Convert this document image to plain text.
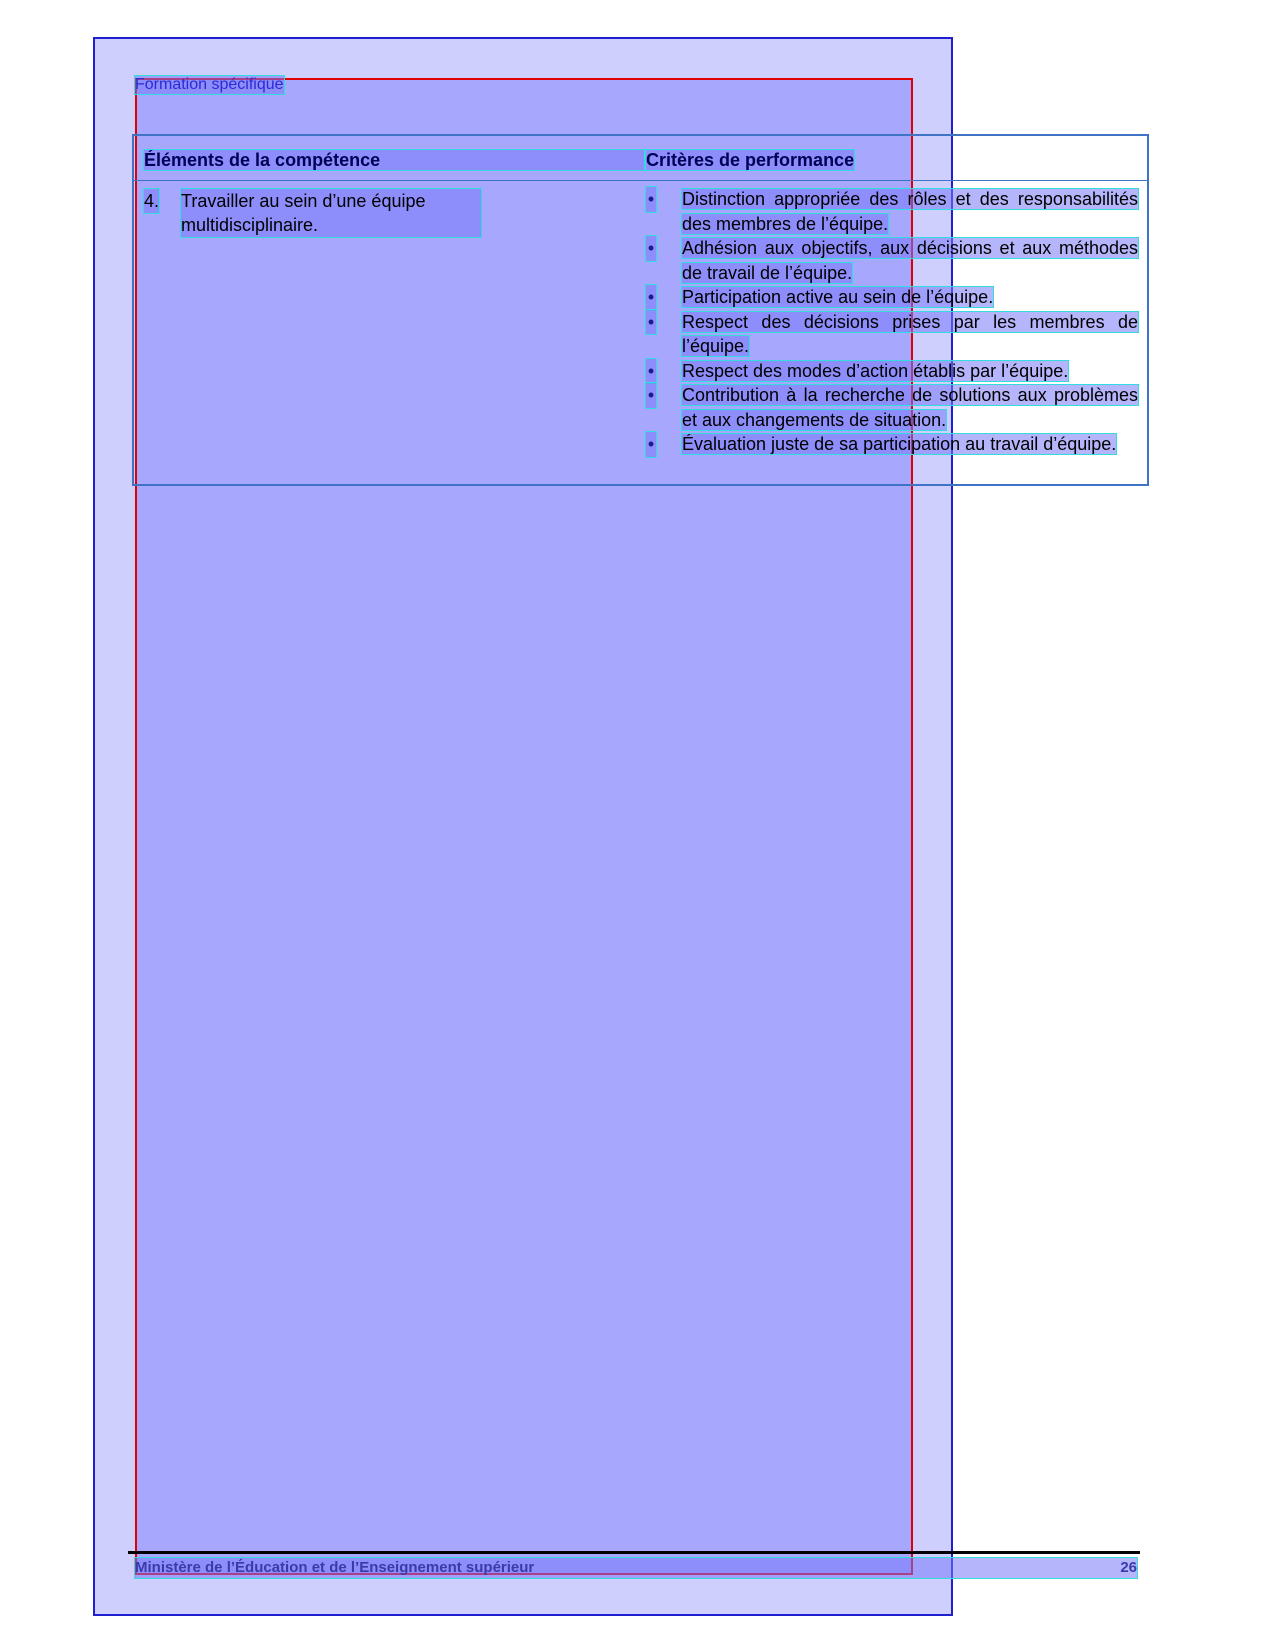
Formation spécifique
Éléments de la compétence	Critères de performance
4. Travailler au sein d’une équipe multidisciplinaire.
• Distinction appropriée des rôles et des responsabilités des membres de l’équipe.
• Adhésion aux objectifs, aux décisions et aux méthodes de travail de l’équipe.
• Participation active au sein de l’équipe.
• Respect des décisions prises par les membres de l’équipe.
• Respect des modes d’action établis par l’équipe.
• Contribution à la recherche de solutions aux problèmes et aux changements de situation.
• Évaluation juste de sa participation au travail d’équipe.
Ministère de l’Éducation et de l’Enseignement supérieur	26
